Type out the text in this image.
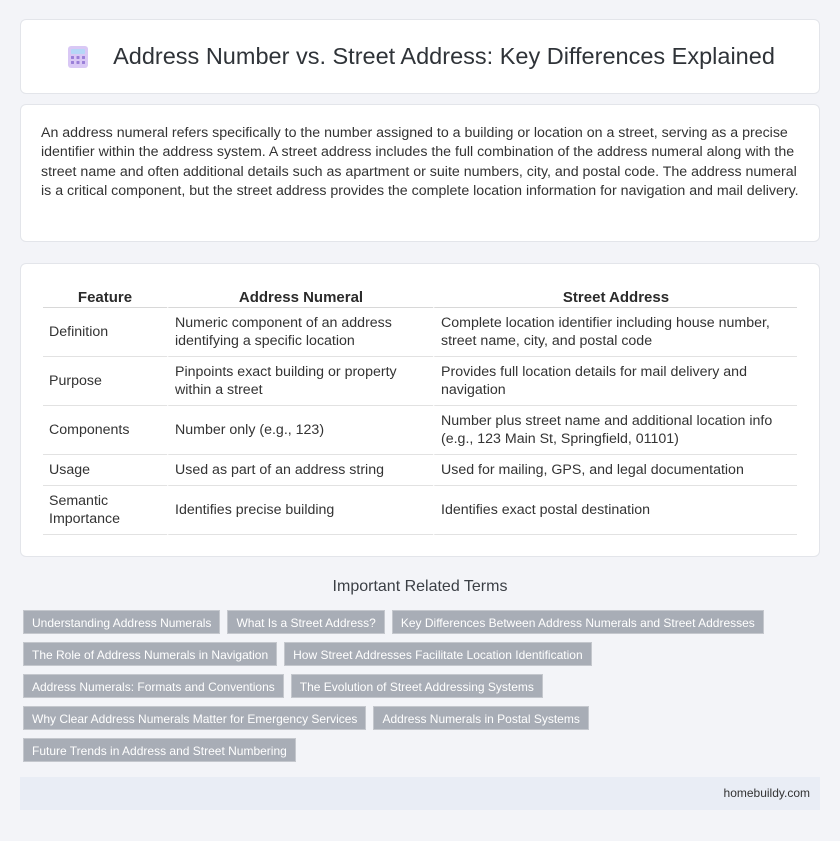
Address Number vs. Street Address: Key Differences Explained

An address numeral refers specifically to the number assigned to a building or location on a street, serving as a precise identifier within the address system. A street address includes the full combination of the address numeral along with the street name and often additional details such as apartment or suite numbers, city, and postal code. The address numeral is a critical component, but the street address provides the complete location information for navigation and mail delivery.

Feature	Address Numeral	Street Address
Definition	Numeric component of an address identifying a specific location	Complete location identifier including house number, street name, city, and postal code
Purpose	Pinpoints exact building or property within a street	Provides full location details for mail delivery and navigation
Components	Number only (e.g., 123)	Number plus street name and additional location info (e.g., 123 Main St, Springfield, 01101)
Usage	Used as part of an address string	Used for mailing, GPS, and legal documentation
Semantic Importance	Identifies precise building	Identifies exact postal destination
Important Related Terms
Understanding Address Numerals	What Is a Street Address?	Key Differences Between Address Numerals and Street Addresses
The Role of Address Numerals in Navigation	How Street Addresses Facilitate Location Identification
Address Numerals: Formats and Conventions	The Evolution of Street Addressing Systems
Why Clear Address Numerals Matter for Emergency Services	Address Numerals in Postal Systems
Future Trends in Address and Street Numbering
homebuildy.com
